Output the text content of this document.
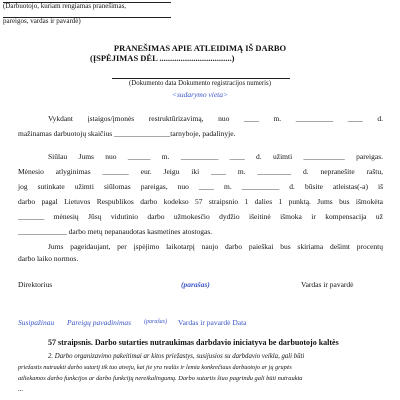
(Darbuotojo, kuriam rengiamas pranešimas,
pareigos, vardas ir pavardė)
PRANEŠIMAS APIE ATLEIDIMĄ IŠ DARBO
(ĮSPĖJIMAS DĖL ..................................)
(Dokumento data Dokumento registracijos numeris)
<sudarymo vieta>
Vykdant įstaigos/įmonės restruktūrizavimą, nuo ____ m. __________ ____ d.
mažinamas darbuotojų skaičius _______________tarnyboje, padalinyje.
Siūlau Jums nuo ______ m. __________ ____ d. užimti ___________ pareigas.
Mėnesio atlyginimas _______ eur. Jeigu iki ____ m. _________ d. nepranešite raštu,
jog sutinkate užimti siūlomas pareigas, nuo ____ m. __________ d. būsite atleistas(-a) iš
darbo pagal Lietuvos Respublikos darbo kodekso 57 straipsnio 1 dalies 1 punktą. Jums bus išmokėta
_______ mėnesių Jūsų vidutinio darbo užmokesčio dydžio išeitinė išmoka ir kompensacija už
_____________ darbo metų nepanaudotas kasmetines atostogas.
Jums pageidaujant, per įspėjimo laikotarpį naujo darbo paieškai bus skiriama dešimt procentų
darbo laiko normos.
Direktorius	(parašas)	Vardas ir pavardė
Susipažinau Pareigų pavadinimas (parašas) Vardas ir pavardė Data
57 straipsnis. Darbo sutarties nutraukimas darbdavio iniciatyva be darbuotojo kaltės
2. Darbo organizavimo pakeitimai ar kitos priežastys, susijusios su darbdavio veikla, gali būti
priežastis nutraukti darbo sutartį tik tuo atveju, kai jie yra realūs ir lemia konkrečiaus darbuotojo ar jų grupės
atliekamos darbo funkcijos ar darbo funkcijų nereikalingumą. Darbo sutartis šiuo pagrindu gali būti nutraukta
...
